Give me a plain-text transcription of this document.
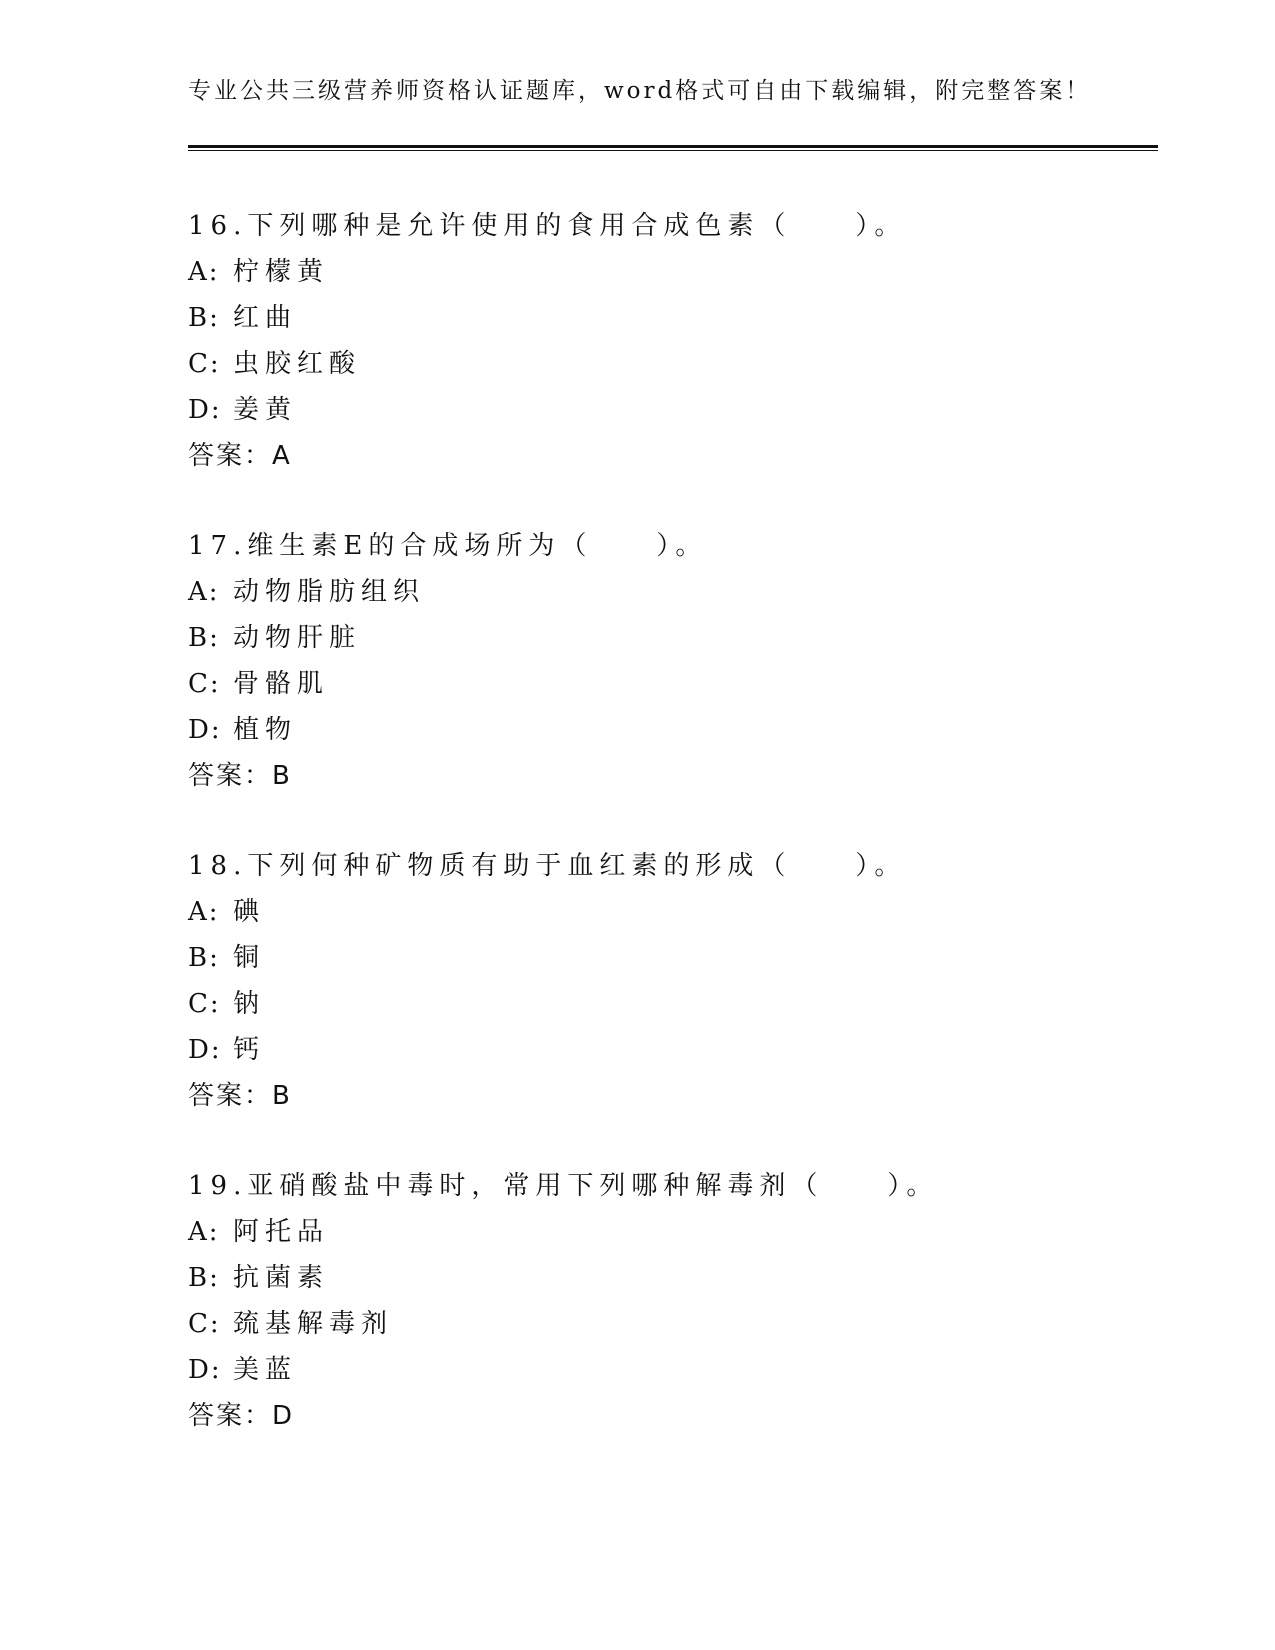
专业公共三级营养师资格认证题库，word格式可自由下载编辑，附完整答案！
16.下列哪种是允许使用的食用合成色素（　　）。
A: 柠檬黄
B: 红曲
C: 虫胶红酸
D: 姜黄
答案：A
17.维生素E的合成场所为（　　）。
A: 动物脂肪组织
B: 动物肝脏
C: 骨骼肌
D: 植物
答案：B
18.下列何种矿物质有助于血红素的形成（　　）。
A: 碘
B: 铜
C: 钠
D: 钙
答案：B
19.亚硝酸盐中毒时，常用下列哪种解毒剂（　　）。
A: 阿托品
B: 抗菌素
C: 巯基解毒剂
D: 美蓝
答案：D
